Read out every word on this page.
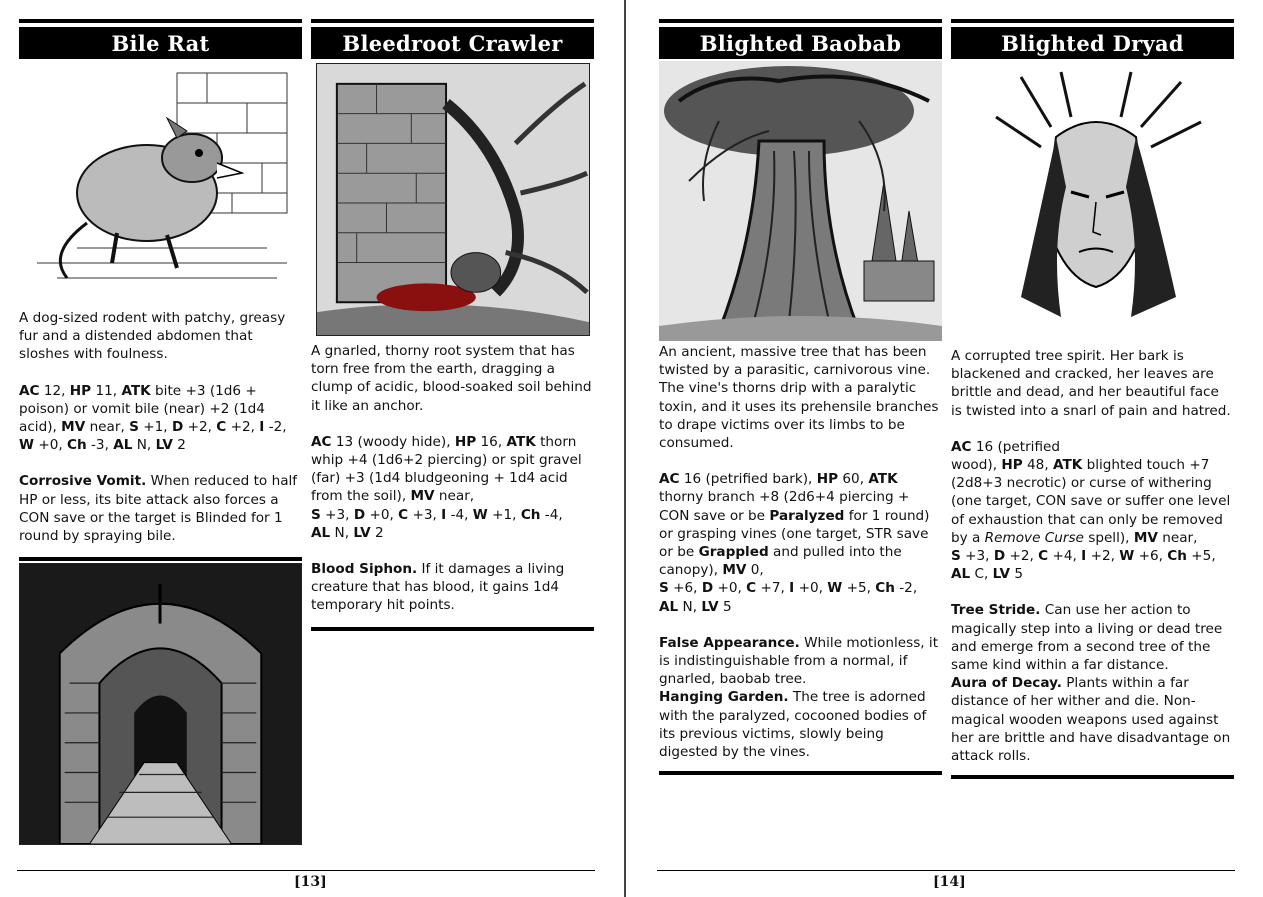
Bile Rat

A dog-sized rodent with patchy, greasy fur and a distended abdomen that sloshes with foulness.

AC 12, HP 11, ATK bite +3 (1d6 + poison) or vomit bile (near) +2 (1d4 acid), MV near, S +1, D +2, C +2, I -2, W +0, Ch -3, AL N, LV 2

Corrosive Vomit. When reduced to half HP or less, its bite attack also forces a CON save or the target is Blinded for 1 round by spraying bile.

Bleedroot Crawler

A gnarled, thorny root system that has torn free from the earth, dragging a clump of acidic, blood-soaked soil behind it like an anchor.

AC 13 (woody hide), HP 16, ATK thorn whip +4 (1d6+2 piercing) or spit gravel (far) +3 (1d4 bludgeoning + 1d4 acid from the soil), MV near,
S +3, D +0, C +3, I -4, W +1, Ch -4,
AL N, LV 2

Blood Siphon. If it damages a living creature that has blood, it gains 1d4 temporary hit points.

[13]
Blighted Baobab

An ancient, massive tree that has been twisted by a parasitic, carnivorous vine. The vine's thorns drip with a paralytic toxin, and it uses its prehensile branches to drape victims over its limbs to be consumed.

AC 16 (petrified bark), HP 60, ATK thorny branch +8 (2d6+4 piercing + CON save or be Paralyzed for 1 round) or grasping vines (one target, STR save or be Grappled and pulled into the canopy), MV 0,
S +6, D +0, C +7, I +0, W +5, Ch -2,
AL N, LV 5

False Appearance. While motionless, it is indistinguishable from a normal, if gnarled, baobab tree.

Hanging Garden. The tree is adorned with the paralyzed, cocooned bodies of its previous victims, slowly being digested by the vines.

Blighted Dryad

A corrupted tree spirit. Her bark is blackened and cracked, her leaves are brittle and dead, and her beautiful face is twisted into a snarl of pain and hatred.

AC 16 (petrified
wood), HP 48, ATK blighted touch +7 (2d8+3 necrotic) or curse of withering (one target, CON save or suffer one level of exhaustion that can only be removed by a Remove Curse spell), MV near,
S +3, D +2, C +4, I +2, W +6, Ch +5,
AL C, LV 5

Tree Stride. Can use her action to magically step into a living or dead tree and emerge from a second tree of the same kind within a far distance.

Aura of Decay. Plants within a far distance of her wither and die. Non-magical wooden weapons used against her are brittle and have disadvantage on attack rolls.

[14]
